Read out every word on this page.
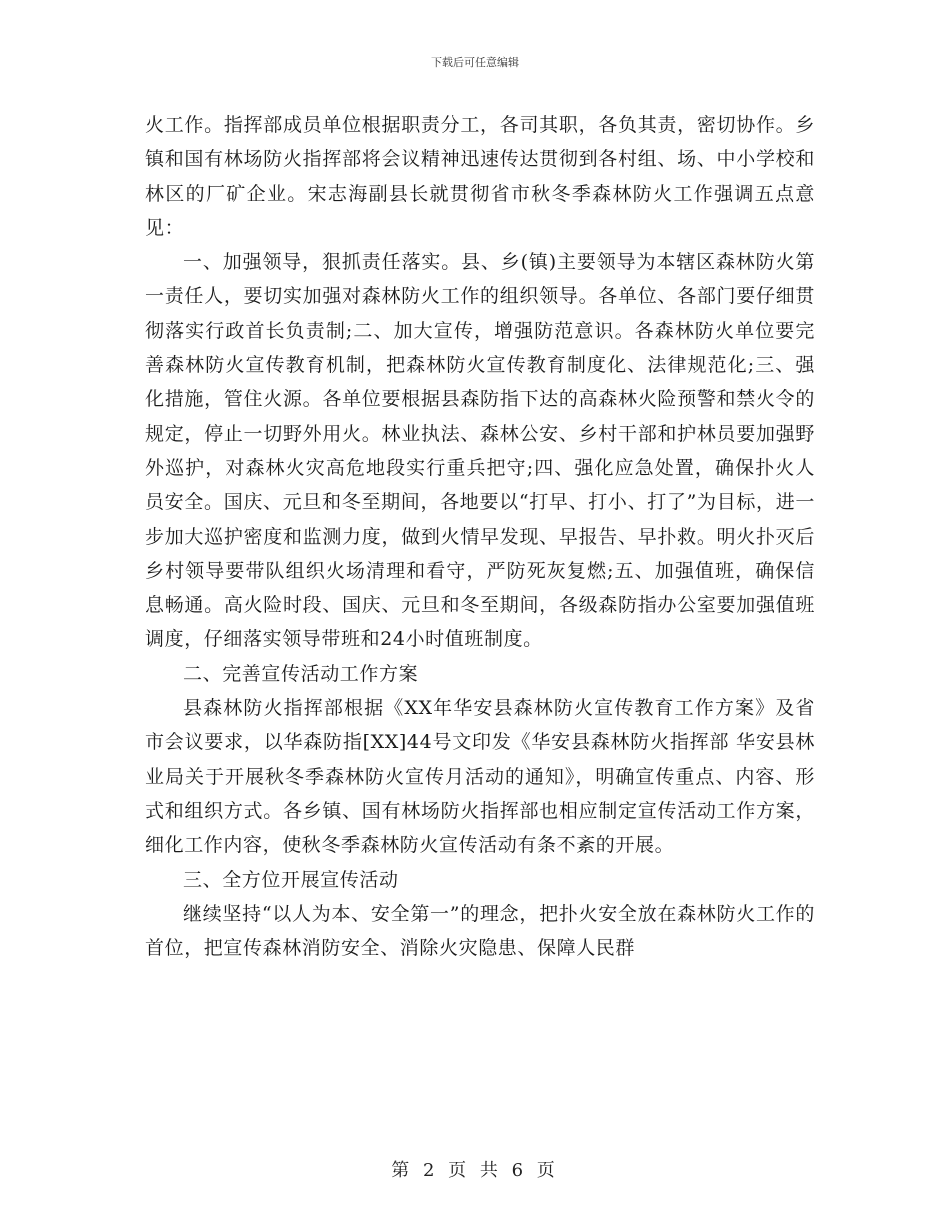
下载后可任意编辑

火工作。指挥部成员单位根据职责分工，各司其职，各负其责，密切协作。乡镇和国有林场防火指挥部将会议精神迅速传达贯彻到各村组、场、中小学校和林区的厂矿企业。宋志海副县长就贯彻省市秋冬季森林防火工作强调五点意见：

一、加强领导，狠抓责任落实。县、乡(镇)主要领导为本辖区森林防火第一责任人，要切实加强对森林防火工作的组织领导。各单位、各部门要仔细贯彻落实行政首长负责制;二、加大宣传，增强防范意识。各森林防火单位要完善森林防火宣传教育机制，把森林防火宣传教育制度化、法律规范化;三、强化措施，管住火源。各单位要根据县森防指下达的高森林火险预警和禁火令的规定，停止一切野外用火。林业执法、森林公安、乡村干部和护林员要加强野外巡护，对森林火灾高危地段实行重兵把守;四、强化应急处置，确保扑火人员安全。国庆、元旦和冬至期间，各地要以“打早、打小、打了”为目标，进一步加大巡护密度和监测力度，做到火情早发现、早报告、早扑救。明火扑灭后乡村领导要带队组织火场清理和看守，严防死灰复燃;五、加强值班，确保信息畅通。高火险时段、国庆、元旦和冬至期间，各级森防指办公室要加强值班调度，仔细落实领导带班和24小时值班制度。

二、完善宣传活动工作方案

县森林防火指挥部根据《XX年华安县森林防火宣传教育工作方案》及省市会议要求，以华森防指[XX]44号文印发《华安县森林防火指挥部 华安县林业局关于开展秋冬季森林防火宣传月活动的通知》，明确宣传重点、内容、形式和组织方式。各乡镇、国有林场防火指挥部也相应制定宣传活动工作方案，细化工作内容，使秋冬季森林防火宣传活动有条不紊的开展。

三、全方位开展宣传活动

继续坚持“以人为本、安全第一”的理念，把扑火安全放在森林防火工作的首位，把宣传森林消防安全、消除火灾隐患、保障人民群

第 2 页 共 6 页
